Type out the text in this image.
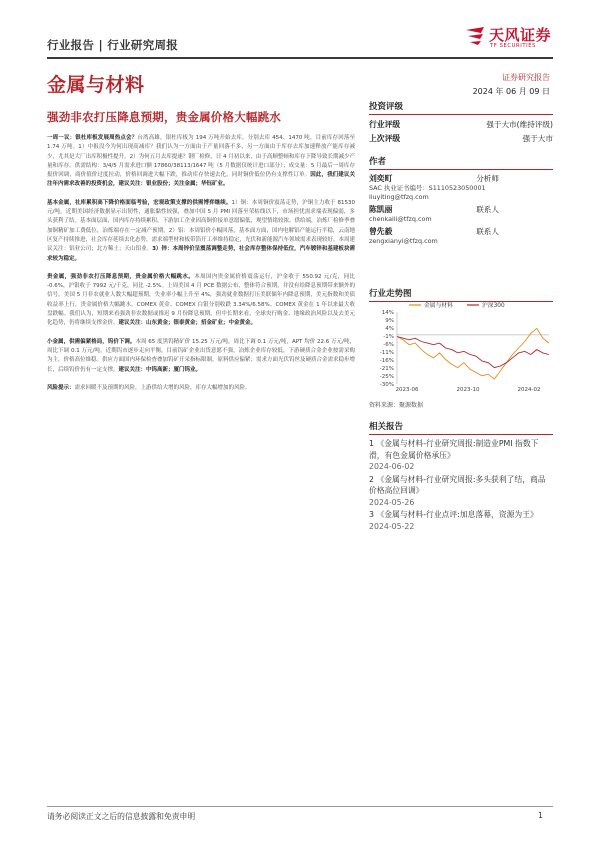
行业报告 | 行业研究周报
天风证券
TF SECURITIES
金属与材料	证券研究报告
2024 年 06 月 09 日
强劲非农打压降息预期，贵金属价格大幅跳水
投资评级
行业评级	强于大市(维持评级)
上次评级	强于大市
作者
刘奕町	分析师
SAC 执业证书编号：S1110523050001
liuyiting@tfzq.com
陈凯丽	联系人
chenkaili@tfzq.com
曾先毅	联系人
zengxianyi@tfzq.com
行业走势图
14%
9%
4%
-1%
-6%
-11%
-16%
-21%
-25%
-30%
2023-06	2023-10	2024-02
金属与材料	沪深300
资料来源：聚源数据
相关报告
1 《金属与材料-行业研究周报:制造业PMI 指数下滑，有色金属价格承压》
2024-06-02
2 《金属与材料-行业研究周报:多头获利了结，商品价格高位回调》
2024-05-26
3 《金属与材料-行业点评:加息落幕，资源为王》
2024-05-22

一周一议：银杜库板发展周热点会？台湾高雄，银杜库板为 194 万吨开始去库，分别去库 454、1470 吨，目前库存回落至 1.74 万吨。1）中报没今为何出现高减库？我们认为一方面由于产量回落不多，另一方面由于库存去库加速释放产能库存减少，尤其是大厂出库积极性提升。2）为何五月去库提速？钢厂检修，日 4 月初以来，由于高顺整顿和库存下降导致长期减少产量和库存。供需结构：3/4/5 月需求进口额 17860/38113/1647 吨（5 月数据仅统计进口部分）；成交量：5 月最后一周库存报价回调，商价值价过度拉动，价格回调进大幅下跌，推动库存快速去化，同时铜价低位仍有支撑性订单。因此，我们建议关注年内需求改善的投资机会，建议关注：银业股份；关注金属；华钰矿业。

基本金属，社库累积高下降价格面临考验，宏观政策支撑的供需博弈继续。1）铜：本周铜价震荡走势，沪铜主力收于 81530 元/吨。近期美国经济数据显示出韧性，通胀黏性较强，叠加中国 5 月 PMI 回落至荣枯线以下，市场担忧需求端表现偏弱，多头获利了结。基本面层面，国内库存持续累积，下游加工企业因高铜价接单意愿偏低，观望情绪较浓。供给端，冶炼厂检修季叠加铜精矿加工费低位，冶炼端存在一定减产预期。2）铝：本周铝价小幅回落，基本面方面，国内电解铝产能运行平稳，云南地区复产持续推进，社会库存延续去化态势，需求端型材和板带箔开工率维持稳定，光伏和新能源汽车领域需求表现较好。本周建议关注：铝业公司；北方稀土；天山铝业。3）锌：本周锌价呈震荡调整走势，社会库存整体保持低位，汽车镀锌和基建板块需求较为稳定。

贵金属，强劲非农打压降息预期，贵金属价格大幅跳水。本周国内贵金属价格震荡运行，沪金收于 550.92 元/克，同比 -0.6%，沪银收于 7992 元/千克，同比 -2.5%。上周美国 4 月 PCE 数据公布，整体符合预期，并没有给降息预期带来额外的信号。美国 5 月非农就业人数大幅超预期，失业率小幅上升至 4%，强劲就业数据打压美联储年内降息预期，美元指数和美债收益率上行，贵金属价格大幅跳水。COMEX 黄金、COMEX 白银分别收跌 3.34%/6.58%。COMEX 黄金在 1 年以来最大收盘跌幅。我们认为，短期来看强劲非农数据或推迟 9 月份降息预期，但中长期来看，全球央行购金、地缘政治风险以及去美元化趋势，仍将继续支撑金价。建议关注：山东黄金；银泰黄金；招金矿业；中金黄金。

小金属，供需偏紧格局，钨价下调。本周 65 度黑钨精矿价 15.25 万元/吨，周比下调 0.1 万元/吨，APT 均价 22.6 万元/吨，周比下调 0.1 万元/吨。近期钨市逐步走向平衡，目前钨矿企业出货意愿不强，冶炼企业库存较低，下游硬质合金企业按需采购为主，价格高位维稳。供应方面国内环保检查叠加钨矿开采指标限制，原料供应偏紧；需求方面光伏钨丝及硬质合金需求稳步增长，后续钨价仍有一定支撑。建议关注：中钨高新；厦门钨业。

风险提示：需求回暖不及预期的风险，上游供给大增的风险，库存大幅增加的风险。

请务必阅读正文之后的信息披露和免责申明	1
